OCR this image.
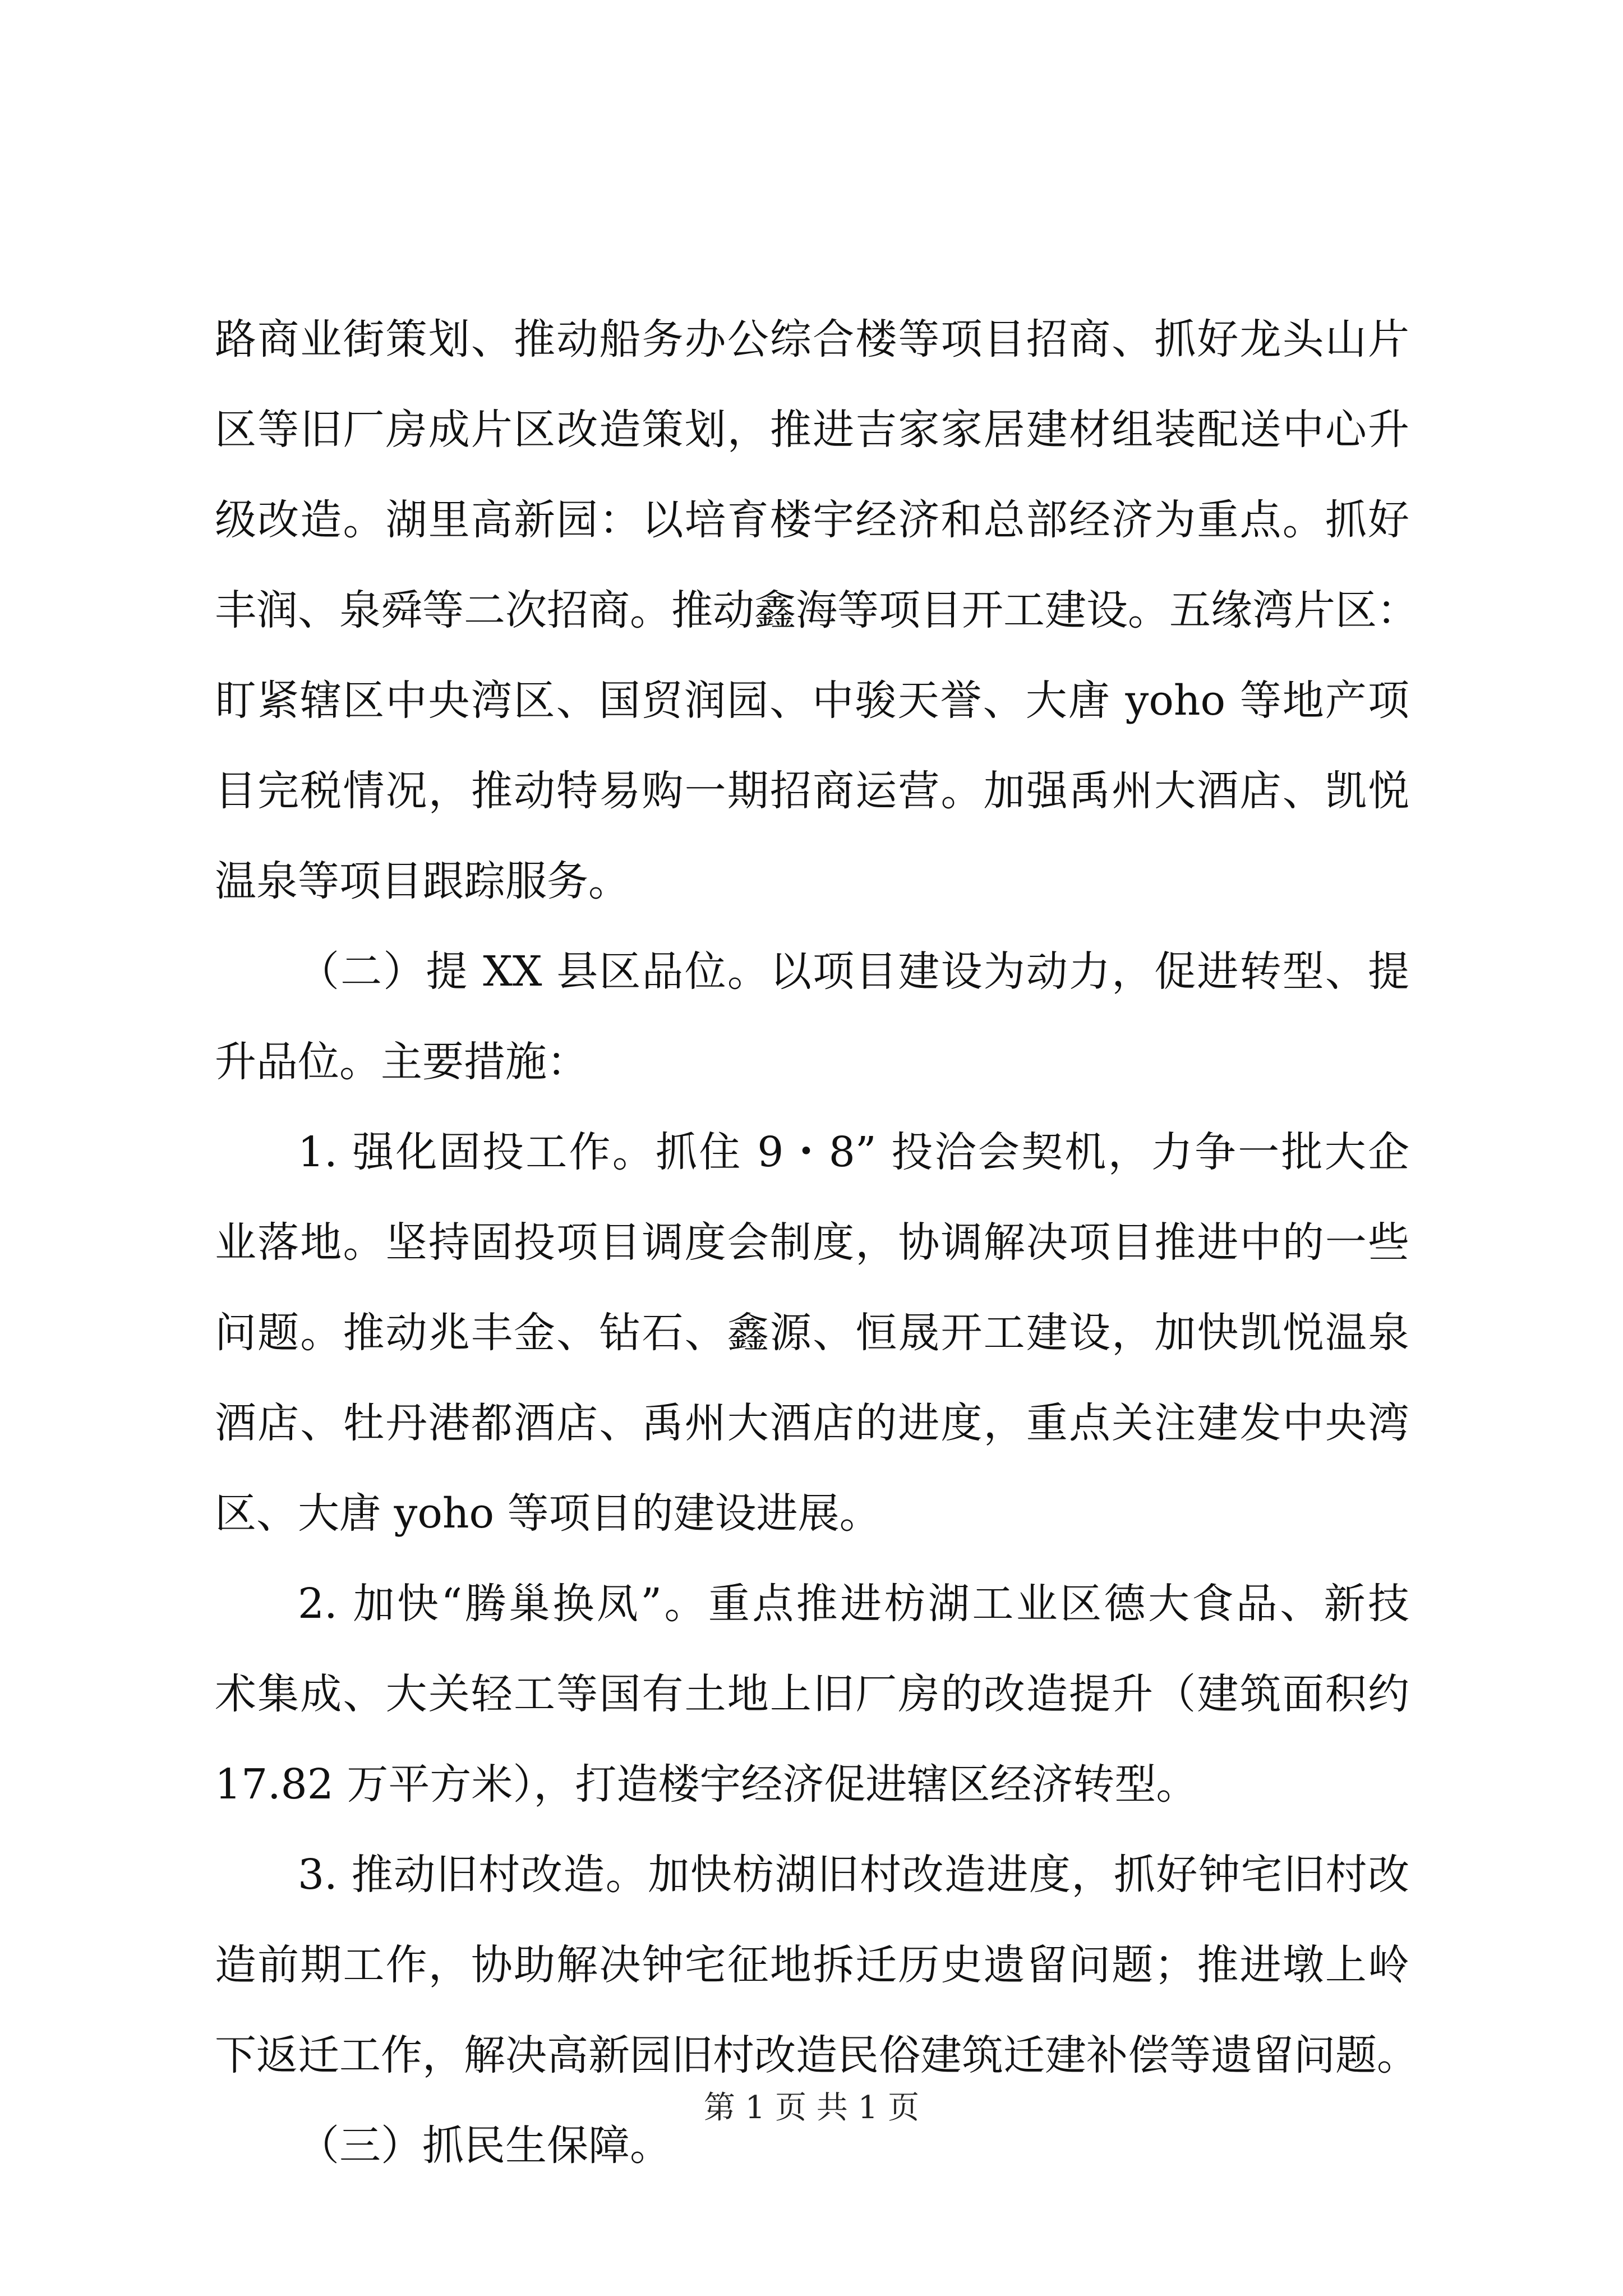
路商业街策划、推动船务办公综合楼等项目招商、抓好龙头山片
区等旧厂房成片区改造策划，推进吉家家居建材组装配送中心升
级改造。湖里高新园：以培育楼宇经济和总部经济为重点。抓好
丰润、泉舜等二次招商。推动鑫海等项目开工建设。五缘湾片区：
盯紧辖区中央湾区、国贸润园、中骏天誉、大唐 yoho 等地产项
目完税情况，推动特易购一期招商运营。加强禹州大酒店、凯悦
温泉等项目跟踪服务。
（二）提 XX 县区品位。以项目建设为动力，促进转型、提
升品位。主要措施：
1. 强化固投工作。抓住 9・8” 投洽会契机，力争一批大企
业落地。坚持固投项目调度会制度，协调解决项目推进中的一些
问题。推动兆丰金、钻石、鑫源、恒晟开工建设，加快凯悦温泉
酒店、牡丹港都酒店、禹州大酒店的进度，重点关注建发中央湾
区、大唐 yoho 等项目的建设进展。
2. 加快“腾巢换凤”。重点推进枋湖工业区德大食品、新技
术集成、大关轻工等国有土地上旧厂房的改造提升（建筑面积约
17.82 万平方米），打造楼宇经济促进辖区经济转型。
3. 推动旧村改造。加快枋湖旧村改造进度，抓好钟宅旧村改
造前期工作，协助解决钟宅征地拆迁历史遗留问题；推进墩上岭
下返迁工作，解决高新园旧村改造民俗建筑迁建补偿等遗留问题。
（三）抓民生保障。
第 1 页 共 1 页
